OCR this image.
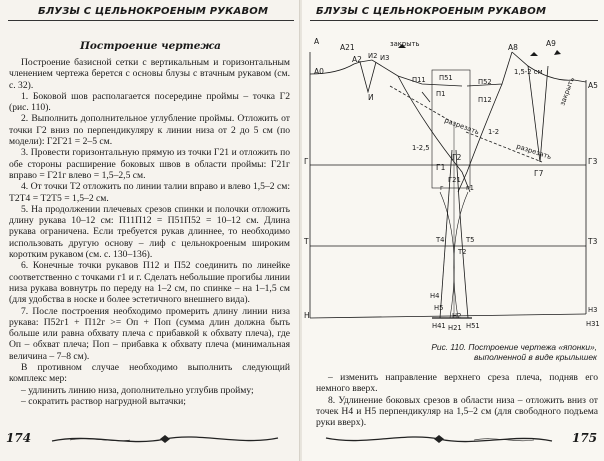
БЛУЗЫ С ЦЕЛЬНОКРОЕНЫМ РУКАВОМ
Построение чертежа

Построение базисной сетки с вертикальным и горизонтальным членением чертежа берется с основы блузы с втачным рукавом (см. с. 32).

1. Боковой шов располагается посередине проймы – точка Г2 (рис. 110).

2. Выполнить дополнительное углубление проймы. Отложить от точки Г2 вниз по перпендикуляру к линии низа от 2 до 5 см (по модели): Г2Г21 = 2–5 см.

3. Провести горизонтальную прямую из точки Г21 и отложить по обе стороны расширение боковых швов в области проймы: Г21г вправо = Г21г влево = 1,5–2,5 см.

4. От точки Т2 отложить по линии талии вправо и влево 1,5–2 см: Т2Т4 = Т2Т5 = 1,5–2 см.

5. На продолжении плечевых срезов спинки и полочки отложить длину рукава 10–12 см: П11П12 = П51П52 = 10–12 см. Длина рукава ограничена. Если требуется рукав длиннее, то необходимо использовать другую основу – лиф с цельнокроеным широким коротким рукавом (см. с. 130–136).

6. Конечные точки рукавов П12 и П52 соединить по линейке соответственно с точками г1 и г. Сделать небольшие прогибы линии низа рукава вовнутрь по переду на 1–2 см, по спинке – на 1–1,5 см (для удобства в носке и более эстетичного внешнего вида).

7. После построения необходимо промерить длину линии низа рукава: П52г1 + П12г >= Оп + Поп (сумма длин должна быть больше или равна обхвату плеча с прибавкой к обхвату плеча), где Оп – обхват плеча; Поп – прибавка к обхвату плеча (минимальная величина – 7–8 см).

В противном случае необходимо выполнить следующий комплекс мер:

– удлинить линию низа, дополнительно углубив пройму;

– сократить раствор нагрудной вытачки;

174
БЛУЗЫ С ЦЕЛЬНОКРОЕНЫМ РУКАВОМ
A
A21
A0
A2 И2 И3
И
закрыть
П11 П51	П52
П1
П12
A8	A9
A5
1,5-2 см
закрыть
разрезать
разрезать
1-2
1-2,5
Г
Г1
Г2	Г3
Г7
г	г1
Г21
Т	Т3
Т4	Т5
Т2
Н
Н4
Н5
Н41 Н21 Н51
Н3
Н31
Н2
Рис. 110. Построение чертежа «японки»,
выполненной в виде крылышек

– изменить направление верхнего среза плеча, подняв его немного вверх.

8. Удлинение боковых срезов в области низа – отложить вниз от точек Н4 и Н5 перпендикуляр на 1,5–2 см (для свободного подъема руки вверх).

175
